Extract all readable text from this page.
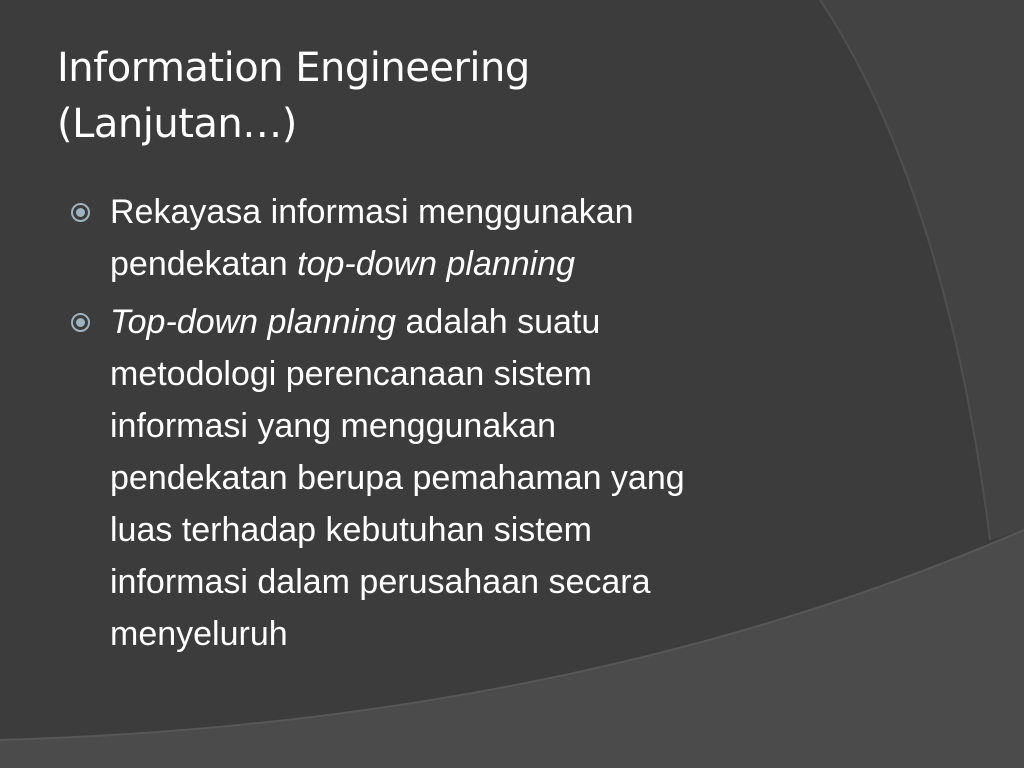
Information Engineering
(Lanjutan…)
Rekayasa informasi menggunakan
pendekatan top-down planning
Top-down planning adalah suatu
metodologi perencanaan sistem
informasi yang menggunakan
pendekatan berupa pemahaman yang
luas terhadap kebutuhan sistem
informasi dalam perusahaan secara
menyeluruh
